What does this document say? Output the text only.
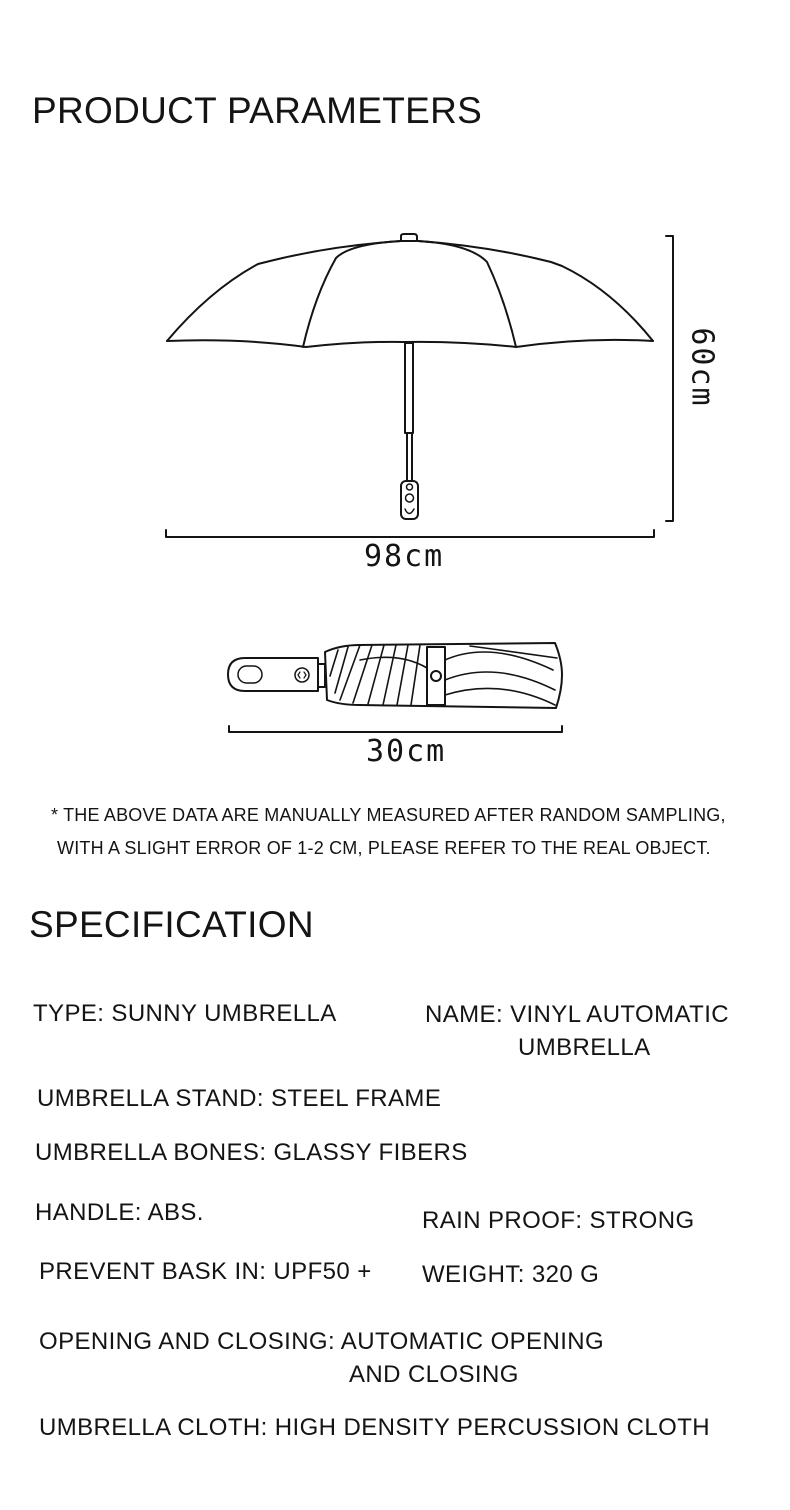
PRODUCT PARAMETERS
98cm
60cm
30cm
* THE ABOVE DATA ARE MANUALLY MEASURED AFTER RANDOM SAMPLING,
WITH A SLIGHT ERROR OF 1-2 CM, PLEASE REFER TO THE REAL OBJECT.
SPECIFICATION
TYPE: SUNNY UMBRELLA	NAME: VINYL AUTOMATIC
UMBRELLA
UMBRELLA STAND: STEEL FRAME
UMBRELLA BONES: GLASSY FIBERS
HANDLE: ABS.	RAIN PROOF: STRONG
PREVENT BASK IN: UPF50 + WEIGHT: 320 G
OPENING AND CLOSING: AUTOMATIC OPENING
AND CLOSING
UMBRELLA CLOTH: HIGH DENSITY PERCUSSION CLOTH
